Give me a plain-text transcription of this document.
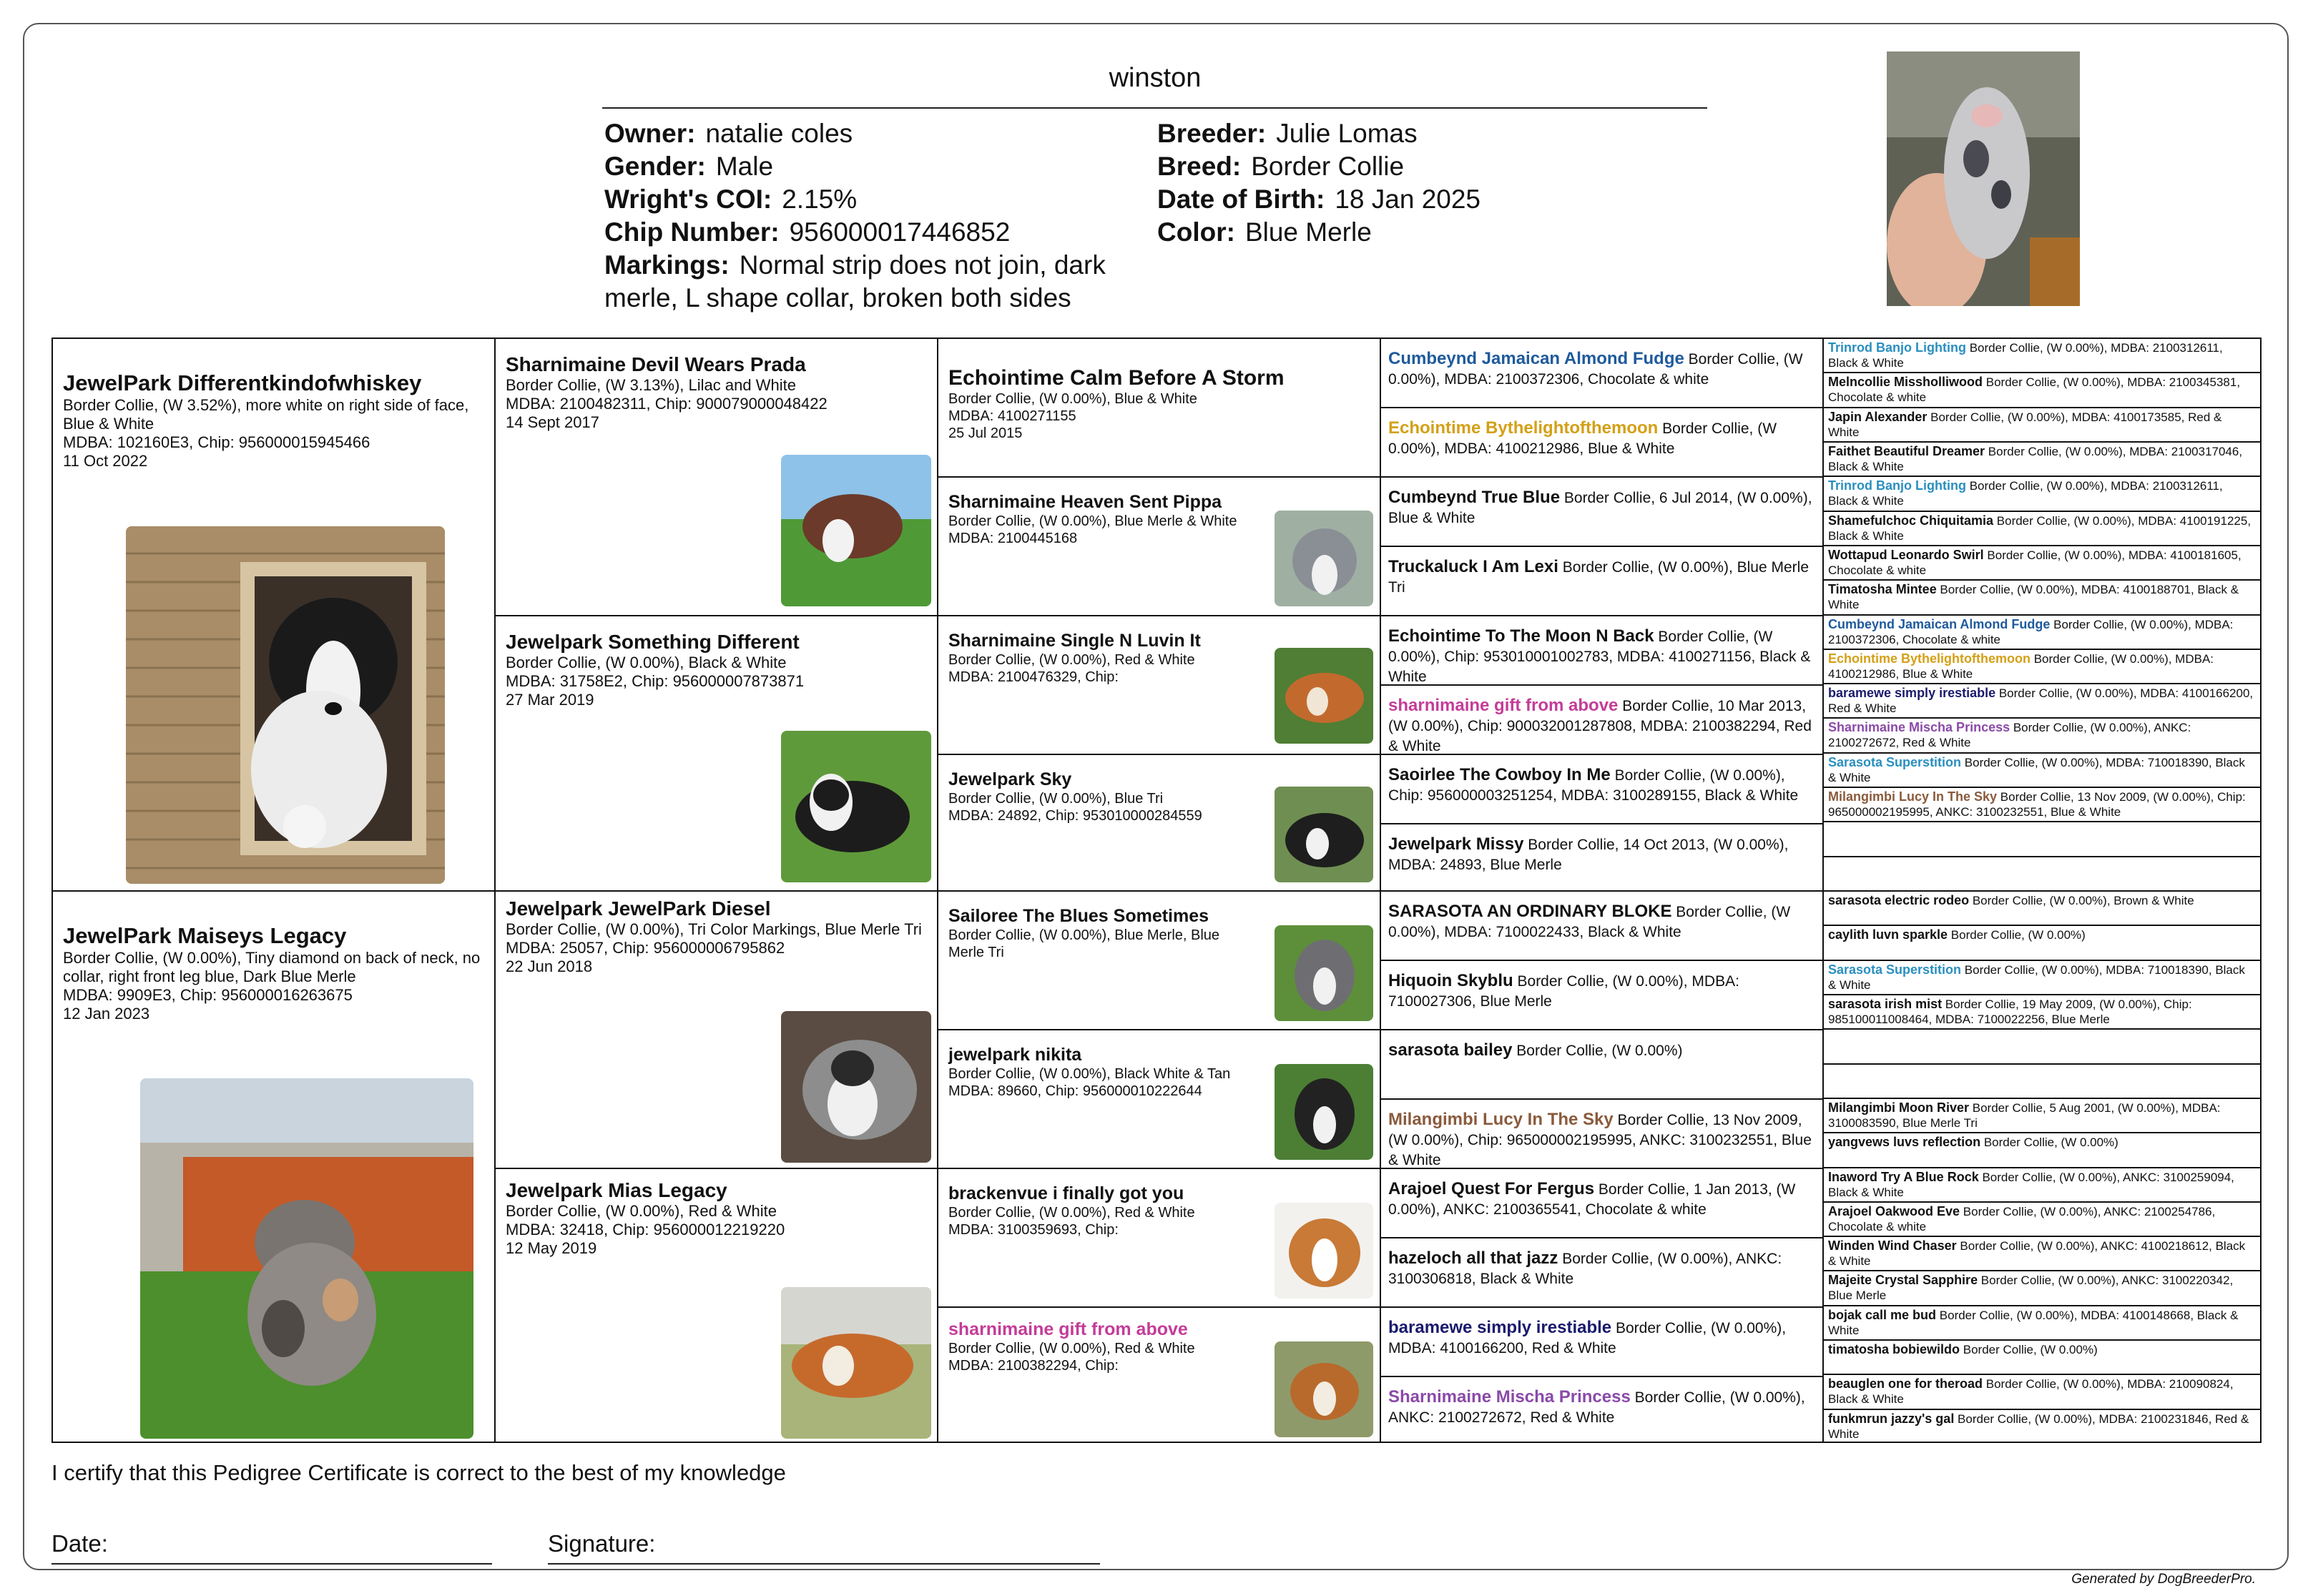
winston
Owner: natalie coles
Gender: Male
Wright's COI: 2.15%
Chip Number: 956000017446852
Markings: Normal strip does not join, dark merle, L shape collar, broken both sides
Breeder: Julie Lomas
Breed: Border Collie
Date of Birth: 18 Jan 2025
Color: Blue Merle
JewelPark Differentkindofwhiskey
Border Collie, (W 3.52%), more white on right side of face, Blue & White
MDBA: 102160E3, Chip: 956000015945466
11 Oct 2022
JewelPark Maiseys Legacy
Border Collie, (W 0.00%), Tiny diamond on back of neck, no collar, right front leg blue, Dark Blue Merle
MDBA: 9909E3, Chip: 956000016263675
12 Jan 2023
Sharnimaine Devil Wears Prada
Border Collie, (W 3.13%), Lilac and White
MDBA: 2100482311, Chip: 900079000048422
14 Sept 2017
Jewelpark Something Different
Border Collie, (W 0.00%), Black & White
MDBA: 31758E2, Chip: 956000007873871
27 Mar 2019
Jewelpark JewelPark Diesel
Border Collie, (W 0.00%), Tri Color Markings, Blue Merle Tri
MDBA: 25057, Chip: 956000006795862
22 Jun 2018
Jewelpark Mias Legacy
Border Collie, (W 0.00%), Red & White
MDBA: 32418, Chip: 956000012219220
12 May 2019
Echointime Calm Before A Storm
Border Collie, (W 0.00%), Blue & White
MDBA: 4100271155
25 Jul 2015
Sharnimaine Heaven Sent Pippa
Border Collie, (W 0.00%), Blue Merle & White
MDBA: 2100445168
Sharnimaine Single N Luvin It
Border Collie, (W 0.00%), Red & White
MDBA: 2100476329, Chip:
Jewelpark Sky
Border Collie, (W 0.00%), Blue Tri
MDBA: 24892, Chip: 953010000284559
Sailoree The Blues Sometimes
Border Collie, (W 0.00%), Blue Merle, Blue Merle Tri
jewelpark nikita
Border Collie, (W 0.00%), Black White & Tan
MDBA: 89660, Chip: 956000010222644
brackenvue i finally got you
Border Collie, (W 0.00%), Red & White
MDBA: 3100359693, Chip:
sharnimaine gift from above
Border Collie, (W 0.00%), Red & White
MDBA: 2100382294, Chip:
Cumbeynd Jamaican Almond Fudge Border Collie, (W 0.00%), MDBA: 2100372306, Chocolate & white
Echointime Bythelightofthemoon Border Collie, (W 0.00%), MDBA: 4100212986, Blue & White
Cumbeynd True Blue Border Collie, 6 Jul 2014, (W 0.00%), Blue & White
Truckaluck I Am Lexi Border Collie, (W 0.00%), Blue Merle Tri
Echointime To The Moon N Back Border Collie, (W 0.00%), Chip: 953010001002783, MDBA: 4100271156, Black & White
sharnimaine gift from above Border Collie, 10 Mar 2013, (W 0.00%), Chip: 900032001287808, MDBA: 2100382294, Red & White
Saoirlee The Cowboy In Me Border Collie, (W 0.00%), Chip: 956000003251254, MDBA: 3100289155, Black & White
Jewelpark Missy Border Collie, 14 Oct 2013, (W 0.00%), MDBA: 24893, Blue Merle
SARASOTA AN ORDINARY BLOKE Border Collie, (W 0.00%), MDBA: 7100022433, Black & White
Hiquoin Skyblu Border Collie, (W 0.00%), MDBA: 7100027306, Blue Merle
sarasota bailey Border Collie, (W 0.00%)
Milangimbi Lucy In The Sky Border Collie, 13 Nov 2009, (W 0.00%), Chip: 965000002195995, ANKC: 3100232551, Blue & White
Arajoel Quest For Fergus Border Collie, 1 Jan 2013, (W 0.00%), ANKC: 2100365541, Chocolate & white
hazeloch all that jazz Border Collie, (W 0.00%), ANKC: 3100306818, Black & White
baramewe simply irestiable Border Collie, (W 0.00%), MDBA: 4100166200, Red & White
Sharnimaine Mischa Princess Border Collie, (W 0.00%), ANKC: 2100272672, Red & White
Trinrod Banjo Lighting Border Collie, (W 0.00%), MDBA: 2100312611, Black & White
Melncollie Missholliwood Border Collie, (W 0.00%), MDBA: 2100345381, Chocolate & white
Japin Alexander Border Collie, (W 0.00%), MDBA: 4100173585, Red & White
Faithet Beautiful Dreamer Border Collie, (W 0.00%), MDBA: 2100317046, Black & White
Trinrod Banjo Lighting Border Collie, (W 0.00%), MDBA: 2100312611, Black & White
Shamefulchoc Chiquitamia Border Collie, (W 0.00%), MDBA: 4100191225, Black & White
Wottapud Leonardo Swirl Border Collie, (W 0.00%), MDBA: 4100181605, Chocolate & white
Timatosha Mintee Border Collie, (W 0.00%), MDBA: 4100188701, Black & White
Cumbeynd Jamaican Almond Fudge Border Collie, (W 0.00%), MDBA: 2100372306, Chocolate & white
Echointime Bythelightofthemoon Border Collie, (W 0.00%), MDBA: 4100212986, Blue & White
baramewe simply irestiable Border Collie, (W 0.00%), MDBA: 4100166200, Red & White
Sharnimaine Mischa Princess Border Collie, (W 0.00%), ANKC: 2100272672, Red & White
Sarasota Superstition Border Collie, (W 0.00%), MDBA: 710018390, Black & White
Milangimbi Lucy In The Sky Border Collie, 13 Nov 2009, (W 0.00%), Chip: 965000002195995, ANKC: 3100232551, Blue & White
sarasota electric rodeo Border Collie, (W 0.00%), Brown & White
caylith luvn sparkle Border Collie, (W 0.00%)
Sarasota Superstition Border Collie, (W 0.00%), MDBA: 710018390, Black & White
sarasota irish mist Border Collie, 19 May 2009, (W 0.00%), Chip: 985100011008464, MDBA: 7100022256, Blue Merle
Milangimbi Moon River Border Collie, 5 Aug 2001, (W 0.00%), MDBA: 3100083590, Blue Merle Tri
yangvews luvs reflection Border Collie, (W 0.00%)
Inaword Try A Blue Rock Border Collie, (W 0.00%), ANKC: 3100259094, Black & White
Arajoel Oakwood Eve Border Collie, (W 0.00%), ANKC: 2100254786, Chocolate & white
Winden Wind Chaser Border Collie, (W 0.00%), ANKC: 4100218612, Black & White
Majeite Crystal Sapphire Border Collie, (W 0.00%), ANKC: 3100220342, Blue Merle
bojak call me bud Border Collie, (W 0.00%), MDBA: 4100148668, Black & White
timatosha bobiewildo Border Collie, (W 0.00%)
beauglen one for theroad Border Collie, (W 0.00%), MDBA: 210090824, Black & White
funkmrun jazzy's gal Border Collie, (W 0.00%), MDBA: 2100231846, Red & White
I certify that this Pedigree Certificate is correct to the best of my knowledge
Date:	Signature:
Generated by DogBreederPro.
